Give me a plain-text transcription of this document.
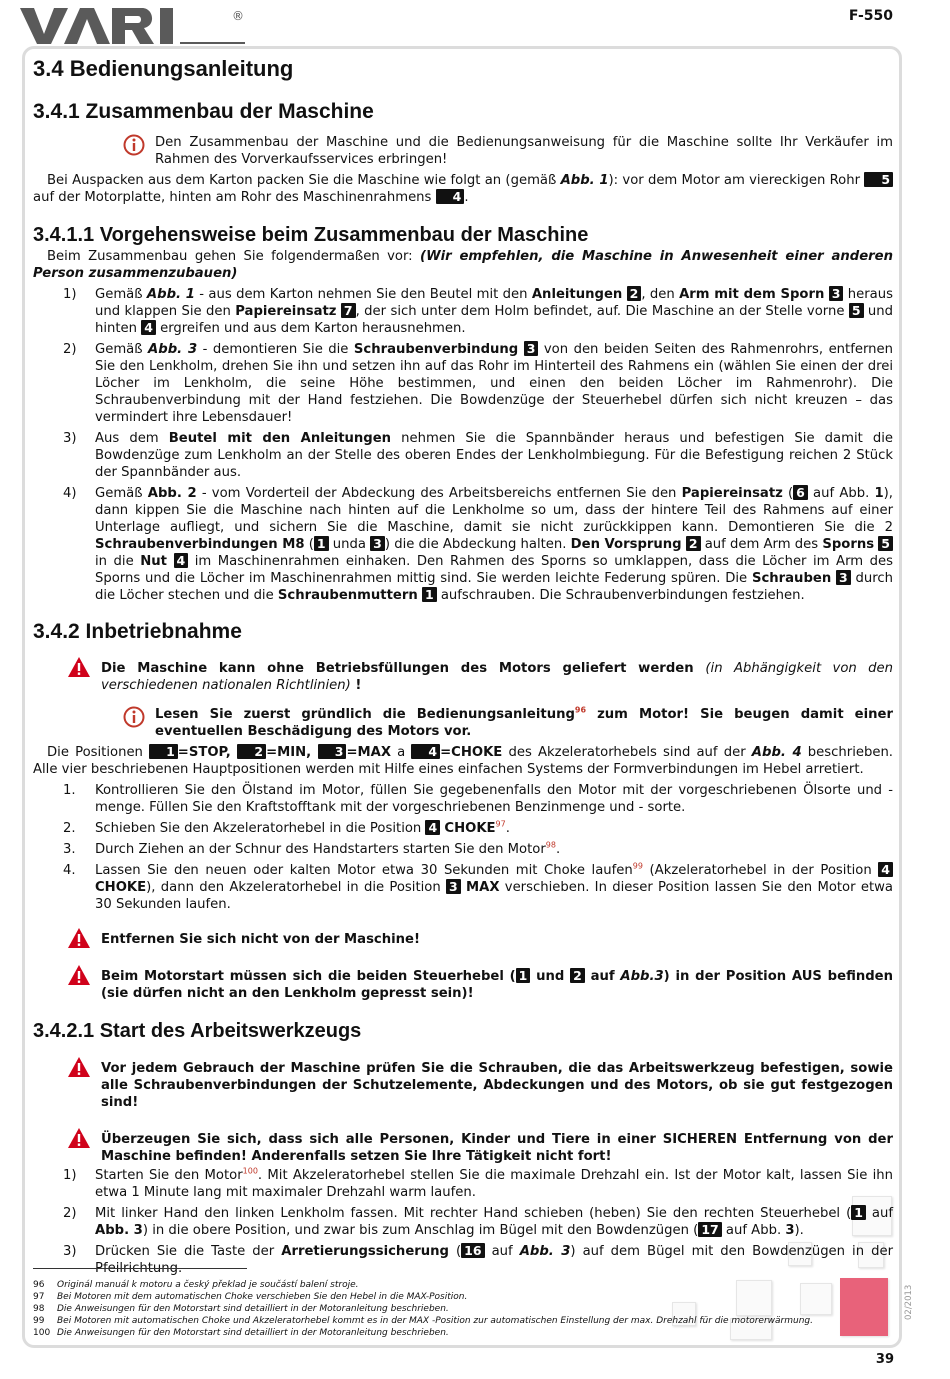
®	F-550
3.4 Bedienungsanleitung
3.4.1 Zusammenbau der Maschine

Den Zusammenbau der Maschine und die Bedienungsanweisung für die Maschine sollte Ihr Verkäufer im Rahmen des Vorverkaufsservices erbringen!

Bei Auspacken aus dem Karton packen Sie die Maschine wie folgt an (gemäß Abb. 1): vor dem Motor am viereckigen Rohr 5 auf der Motorplatte, hinten am Rohr des Maschinenrahmens 4 .

3.4.1.1 Vorgehensweise beim Zusammenbau der Maschine

Beim Zusammenbau gehen Sie folgendermaßen vor: (Wir empfehlen, die Maschine in Anwesenheit einer anderen Person zusammenzubauen)

1) Gemäß Abb. 1 - aus dem Karton nehmen Sie den Beutel mit den Anleitungen 2 , den Arm mit dem Sporn 3 heraus und klappen Sie den Papiereinsatz 7 , der sich unter dem Holm befindet, auf. Die Maschine an der Stelle vorne 5 und hinten 4 ergreifen und aus dem Karton herausnehmen.
2) Gemäß Abb. 3 - demontieren Sie die Schraubenverbindung 3 von den beiden Seiten des Rahmenrohrs, entfernen Sie den Lenkholm, drehen Sie ihn und setzen ihn auf das Rohr im Hinterteil des Rahmens ein (wählen Sie einen der drei Löcher im Lenkholm, die seine Höhe bestimmen, und einen den beiden Löcher im Rahmenrohr). Die Schraubenverbindung mit der Hand festziehen. Die Bowdenzüge der Steuerhebel dürfen sich nicht kreuzen – das vermindert ihre Lebensdauer!
3) Aus dem Beutel mit den Anleitungen nehmen Sie die Spannbänder heraus und befestigen Sie damit die Bowdenzüge zum Lenkholm an der Stelle des oberen Endes der Lenkholmbiegung. Für die Befestigung reichen 2 Stück der Spannbänder aus.
4) Gemäß Abb. 2 - vom Vorderteil der Abdeckung des Arbeitsbereichs entfernen Sie den Papiereinsatz ( 6 auf Abb. 1), dann kippen Sie die Maschine nach hinten auf die Lenkholme so um, dass der hintere Teil des Rahmens auf einer Unterlage aufliegt, und sichern Sie die Maschine, damit sie nicht zurückkippen kann. Demontieren Sie die 2 Schraubenverbindungen M8 ( 1 unda 3 ) die die Abdeckung halten. Den Vorsprung 2 auf dem Arm des Sporns 5 in die Nut 4 im Maschinenrahmen einhaken. Den Rahmen des Sporns so umklappen, dass die Löcher im Arm des Sporns und die Löcher im Maschinenrahmen mittig sind. Sie werden leichte Federung spüren. Die Schrauben 3 durch die Löcher stechen und die Schraubenmuttern 1 aufschrauben. Die Schraubenverbindungen festziehen.
3.4.2 Inbetriebnahme

Die Maschine kann ohne Betriebsfüllungen des Motors geliefert werden (in Abhängigkeit von den verschiedenen nationalen Richtlinien) !

Lesen Sie zuerst gründlich die Bedienungsanleitung$^{96}$ zum Motor! Sie beugen damit einer eventuellen Beschädigung des Motors vor.

Die Positionen 1 =STOP, 2 =MIN, 3 =MAX a 4 =CHOKE des Akzeleratorhebels sind auf der Abb. 4 beschrieben. Alle vier beschriebenen Hauptpositionen werden mit Hilfe eines einfachen Systems der Formverbindungen im Hebel arretiert.

1. Kontrollieren Sie den Ölstand im Motor, füllen Sie gegebenenfalls den Motor mit der vorgeschriebenen Ölsorte und -menge. Füllen Sie den Kraftstofftank mit der vorgeschriebenen Benzinmenge und - sorte.
2. Schieben Sie den Akzeleratorhebel in die Position 4 CHOKE$^{97}$.
3. Durch Ziehen an der Schnur des Handstarters starten Sie den Motor$^{98}$.
4. Lassen Sie den neuen oder kalten Motor etwa 30 Sekunden mit Choke laufen$^{99}$ (Akzeleratorhebel in der Position 4 CHOKE), dann den Akzeleratorhebel in die Position 3 MAX verschieben. In dieser Position lassen Sie den Motor etwa 30 Sekunden laufen.

Entfernen Sie sich nicht von der Maschine!

Beim Motorstart müssen sich die beiden Steuerhebel ( 1 und 2 auf Abb.3) in der Position AUS befinden (sie dürfen nicht an den Lenkholm gepresst sein)!

3.4.2.1 Start des Arbeitswerkzeugs

Vor jedem Gebrauch der Maschine prüfen Sie die Schrauben, die das Arbeitswerkzeug befestigen, sowie alle Schraubenverbindungen der Schutzelemente, Abdeckungen und des Motors, ob sie gut festgezogen sind!

Überzeugen Sie sich, dass sich alle Personen, Kinder und Tiere in einer SICHEREN Entfernung von der Maschine befinden! Anderenfalls setzen Sie Ihre Tätigkeit nicht fort!

1) Starten Sie den Motor$^{100}$. Mit Akzeleratorhebel stellen Sie die maximale Drehzahl ein. Ist der Motor kalt, lassen Sie ihn etwa 1 Minute lang mit maximaler Drehzahl warm laufen.
2) Mit linker Hand den linken Lenkholm fassen. Mit rechter Hand schieben (heben) Sie den rechten Steuerhebel ( 1 auf Abb. 3) in die obere Position, und zwar bis zum Anschlag im Bügel mit den Bowdenzügen ( 17 auf Abb. 3).
3) Drücken Sie die Taste der Arretierungssicherung ( 16 auf Abb. 3) auf dem Bügel mit den Bowdenzügen in der Pfeilrichtung.
96	Originál manuál k motoru a český překlad je součástí balení stroje.
97	Bei Motoren mit dem automatischen Choke verschieben Sie den Hebel in die MAX-Position.
98	Die Anweisungen für den Motorstart sind detailliert in der Motoranleitung beschrieben.
99	Bei Motoren mit automatischen Choke und Akzeleratorhebel kommt es in der MAX -Position zur automatischen Einstellung der max. Drehzahl für die motorerwärmung.
100 Die Anweisungen für den Motorstart sind detailliert in der Motoranleitung beschrieben.
39
02/2013
